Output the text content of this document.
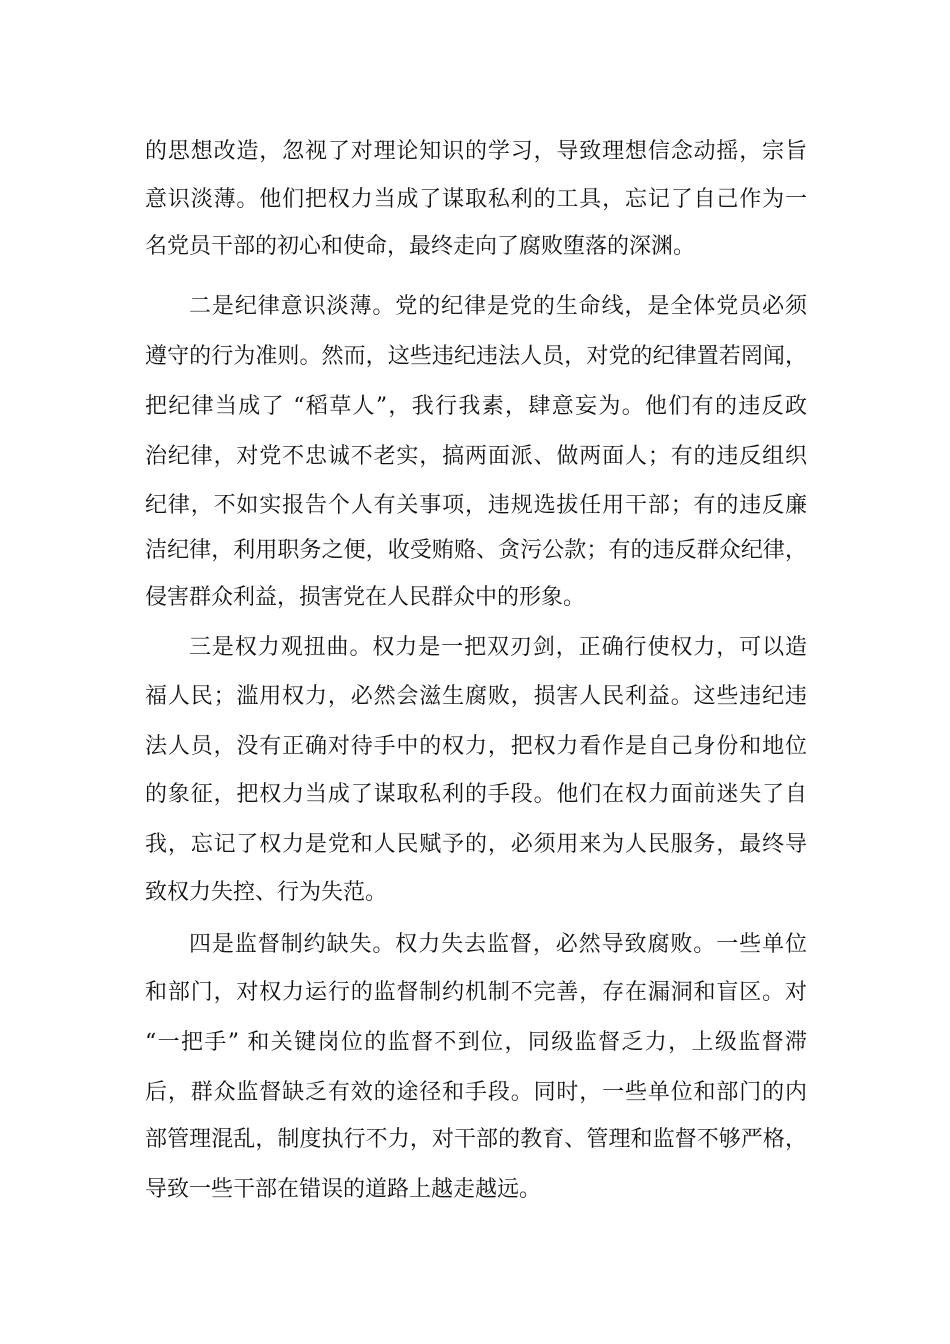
的思想改造，忽视了对理论知识的学习，导致理想信念动摇，宗旨
意识淡薄。他们把权力当成了谋取私利的工具，忘记了自己作为一
名党员干部的初心和使命，最终走向了腐败堕落的深渊。
二是纪律意识淡薄。党的纪律是党的生命线，是全体党员必须
遵守的行为准则。然而，这些违纪违法人员，对党的纪律置若罔闻，
把纪律当成了 “稻草人”，我行我素，肆意妄为。他们有的违反政
治纪律，对党不忠诚不老实，搞两面派、做两面人；有的违反组织
纪律，不如实报告个人有关事项，违规选拔任用干部；有的违反廉
洁纪律，利用职务之便，收受贿赂、贪污公款；有的违反群众纪律，
侵害群众利益，损害党在人民群众中的形象。
三是权力观扭曲。权力是一把双刃剑，正确行使权力，可以造
福人民；滥用权力，必然会滋生腐败，损害人民利益。这些违纪违
法人员，没有正确对待手中的权力，把权力看作是自己身份和地位
的象征，把权力当成了谋取私利的手段。他们在权力面前迷失了自
我，忘记了权力是党和人民赋予的，必须用来为人民服务，最终导
致权力失控、行为失范。
四是监督制约缺失。权力失去监督，必然导致腐败。一些单位
和部门，对权力运行的监督制约机制不完善，存在漏洞和盲区。对
“一把手” 和关键岗位的监督不到位，同级监督乏力，上级监督滞
后，群众监督缺乏有效的途径和手段。同时，一些单位和部门的内
部管理混乱，制度执行不力，对干部的教育、管理和监督不够严格，
导致一些干部在错误的道路上越走越远。
